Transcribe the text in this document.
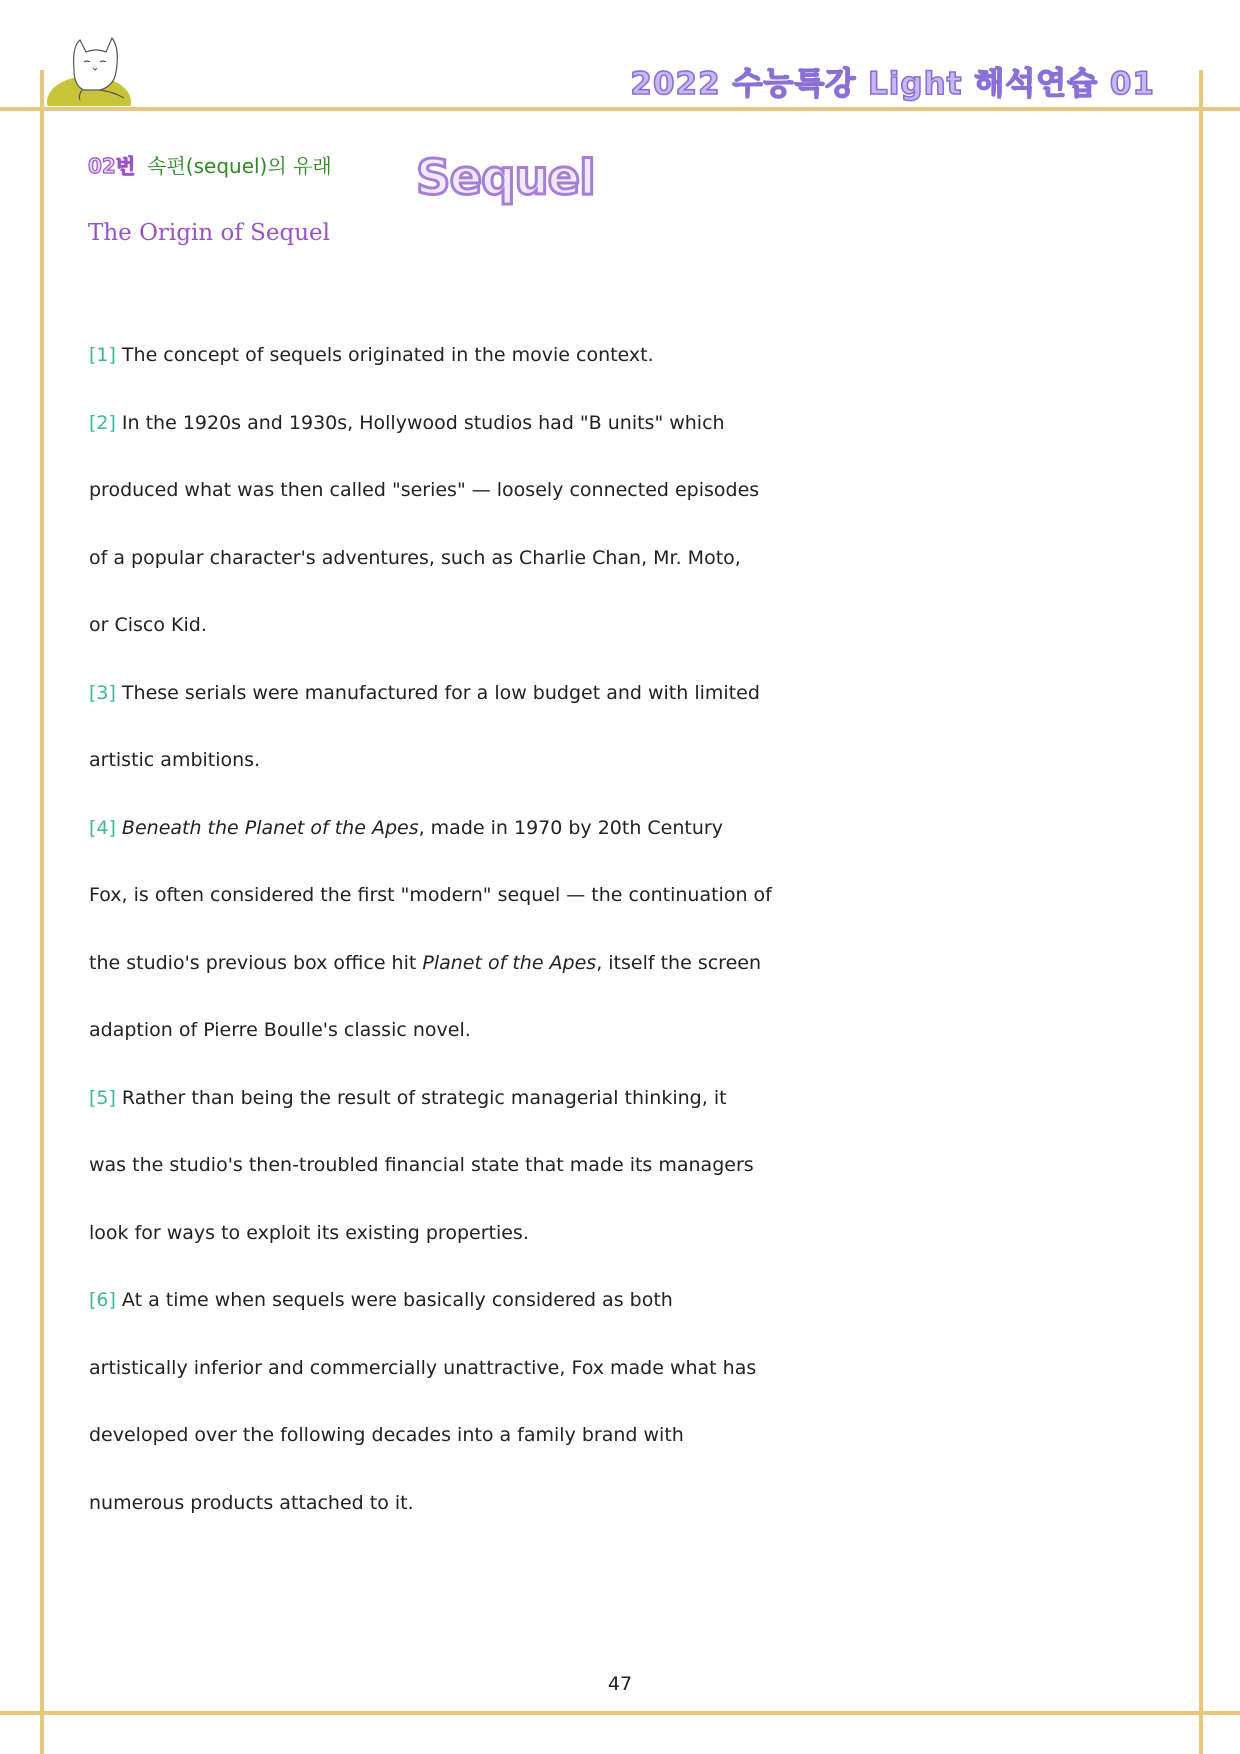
2022 수능특강 Light 해석연습 01
02번 속편(sequel)의 유래 Sequel
The Origin of Sequel

[1] The concept of sequels originated in the movie context.

[2] In the 1920s and 1930s, Hollywood studios had "B units" which
produced what was then called "series" — loosely connected episodes
of a popular character's adventures, such as Charlie Chan, Mr. Moto,
or Cisco Kid.

[3] These serials were manufactured for a low budget and with limited
artistic ambitions.

[4] Beneath the Planet of the Apes, made in 1970 by 20th Century
Fox, is often considered the first "modern" sequel — the continuation of
the studio's previous box office hit Planet of the Apes, itself the screen
adaption of Pierre Boulle's classic novel.

[5] Rather than being the result of strategic managerial thinking, it
was the studio's then-troubled financial state that made its managers
look for ways to exploit its existing properties.

[6] At a time when sequels were basically considered as both
artistically inferior and commercially unattractive, Fox made what has
developed over the following decades into a family brand with
numerous products attached to it.

47
